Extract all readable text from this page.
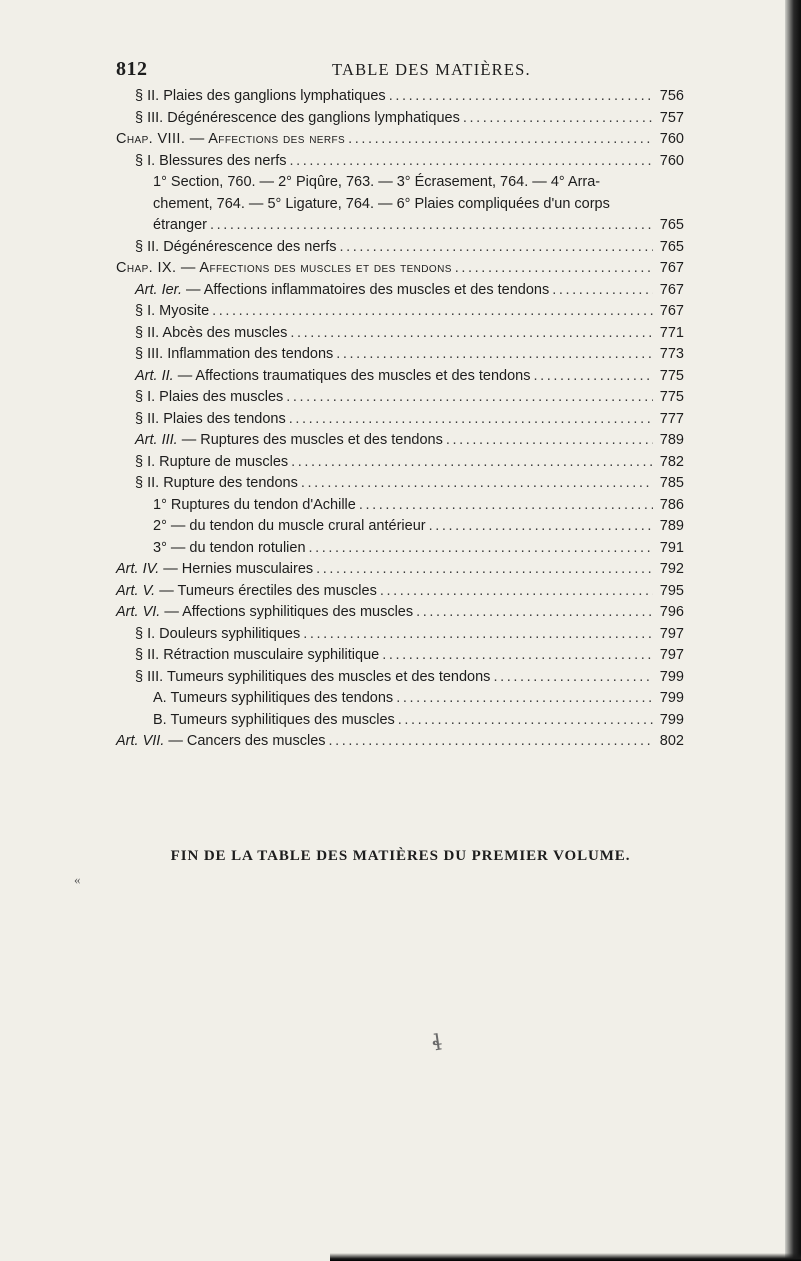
812	TABLE DES MATIÈRES.
§ II. Plaies des ganglions lymphatiques .....	756
§ III. Dégénérescence des ganglions lymphatiques .....	757
Chap. VIII. — Affections des nerfs .....	760
§ I. Blessures des nerfs .....	760
1° Section, 760. — 2° Piqûre, 763. — 3° Écrasement, 764. — 4° Arra-
chement, 764. — 5° Ligature, 764. — 6° Plaies compliquées d'un corps
étranger .....	765
§ II. Dégénérescence des nerfs .....	765
Chap. IX. — Affections des muscles et des tendons .....	767
Art. Ier. — Affections inflammatoires des muscles et des tendons .....	767
§ I. Myosite .....	767
§ II. Abcès des muscles .....	771
§ III. Inflammation des tendons .....	773
Art. II. — Affections traumatiques des muscles et des tendons .....	775
§ I. Plaies des muscles .....	775
§ II. Plaies des tendons .....	777
Art. III. — Ruptures des muscles et des tendons .....	789
§ I. Rupture de muscles .....	782
§ II. Rupture des tendons .....	785
1° Ruptures du tendon d'Achille .....	786
2° — du tendon du muscle crural antérieur .....	789
3° — du tendon rotulien .....	791
Art. IV. — Hernies musculaires .....	792
Art. V. — Tumeurs érectiles des muscles .....	795
Art. VI. — Affections syphilitiques des muscles .....	796
§ I. Douleurs syphilitiques .....	797
§ II. Rétraction musculaire syphilitique .....	797
§ III. Tumeurs syphilitiques des muscles et des tendons .....	799
A. Tumeurs syphilitiques des tendons .....	799
B. Tumeurs syphilitiques des muscles .....	799
Art. VII. — Cancers des muscles .....	802
FIN DE LA TABLE DES MATIÈRES DU PREMIER VOLUME.
«
ɬ
